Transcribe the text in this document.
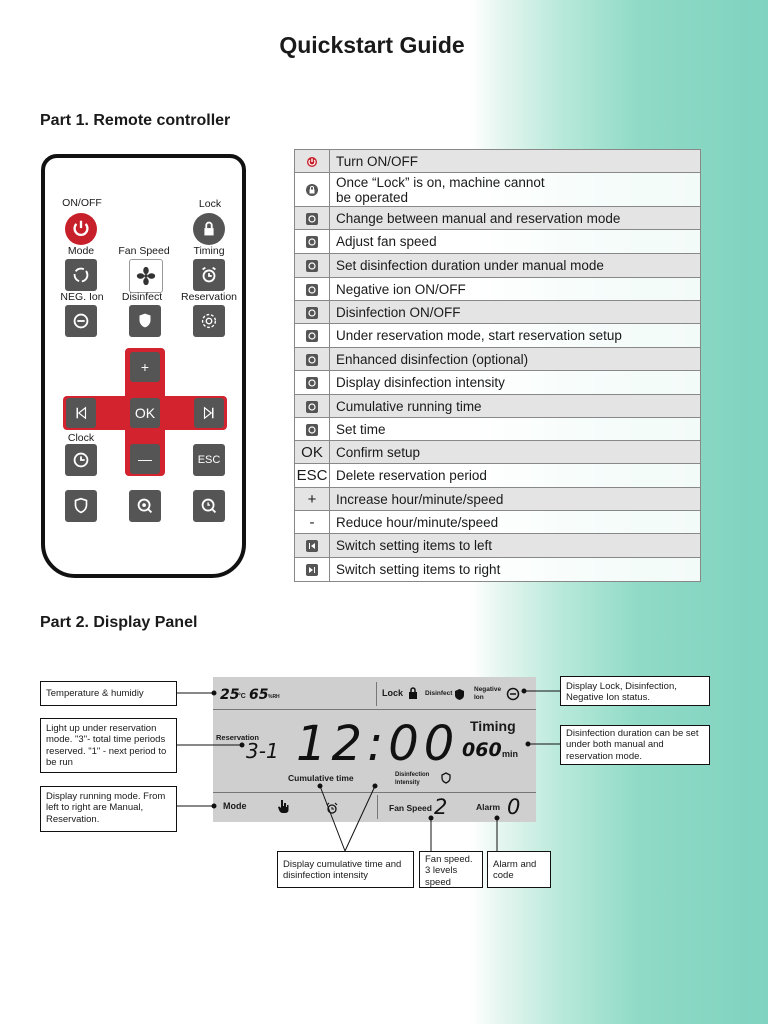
Quickstart Guide
Part 1. Remote controller
Part 2. Display Panel
ON/OFF	Lock
Mode	Fan Speed	Timing
NEG. Ion	Disinfect	Reservation
+
OK
Clock
—	ESC
	Turn ON/OFF
	Once “Lock” is on, machine cannot
be operated
	Change between manual and reservation mode
	Adjust fan speed
	Set disinfection duration under manual mode
	Negative ion ON/OFF
	Disinfection ON/OFF
	Under reservation mode, start reservation setup
	Enhanced disinfection (optional)
	Display disinfection intensity
	Cumulative running time
	Set time
OK	Confirm setup
ESC	Delete reservation period
+	Increase hour/minute/speed
-	Reduce hour/minute/speed
	Switch setting items to left
	Switch setting items to right
25
°C 65 %RH	Lock	Disinfect
Negative
Ion
Reservation
3-1 12:00 Timing
060 min
Cumulative time	Disinfection
Intensity
Mode	Fan Speed 2	Alarm 0
Temperature & humidiy
Light up under reservation mode. "3"- total time periods reserved. "1" - next period to be run
Display running mode. From left to right are Manual, Reservation.
Display cumulative time and disinfection intensity
Fan speed. 3 levels speed
Alarm and code
Display Lock, Disinfection, Negative Ion status.
Disinfection duration can be set under both manual and reservation mode.
